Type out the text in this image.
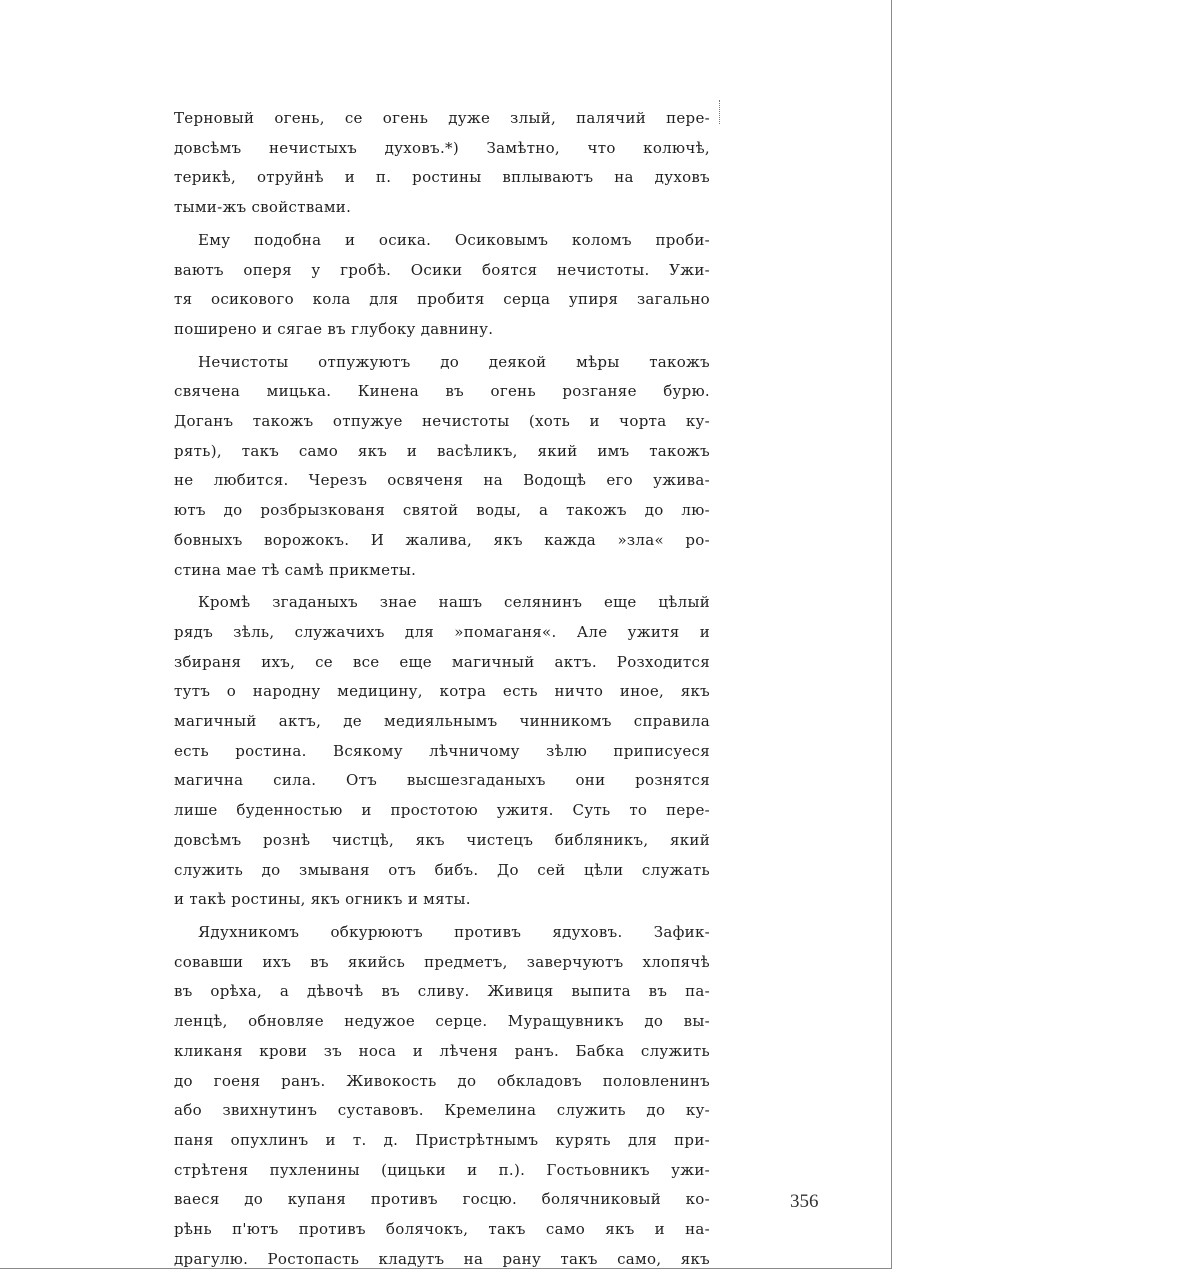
Терновый огень, се огень дуже злый, палячий пере-
довсѣмъ нечистыхъ духовъ.*) Замѣтно, что колючѣ,
терикѣ, отруйнѣ и п. ростины вплываютъ на духовъ
тыми-жъ свойствами.

Ему подобна и осика. Осиковымъ коломъ проби-
ваютъ оперя у гробѣ. Осики боятся нечистоты. Ужи-
тя осикового кола для пробитя серца упиря загально
поширено и сягае въ глубоку давнину.

Нечистоты отпужуютъ до деякой мѣры такожъ
свячена мицька. Кинена въ огень розганяе бурю.
Доганъ такожъ отпужуе нечистоты (хоть и чорта ку-
рять), такъ само якъ и васѣликъ, який имъ такожъ
не любится. Черезъ освяченя на Водощѣ его ужива-
ютъ до розбрызкованя святой воды, а такожъ до лю-
бовныхъ ворожокъ. И жалива, якъ кажда »зла« ро-
стина мае тѣ самѣ прикметы.

Кромѣ згаданыхъ знае нашъ селянинъ еще цѣлый
рядъ зѣль, служачихъ для »помаганя«. Але ужитя и
збираня ихъ, се все еще магичный актъ. Розходится
тутъ о народну медицину, котра есть ничто иное, якъ
магичный актъ, де медияльнымъ чинникомъ справила
есть ростина. Всякому лѣчничому зѣлю приписуеся
магична сила. Отъ высшезгаданыхъ они рознятся
лише буденностью и простотою ужитя. Суть то пере-
довсѣмъ рознѣ чистцѣ, якъ чистецъ библяникъ, який
служить до змываня отъ бибъ. До сей цѣли служать
и такѣ ростины, якъ огникъ и мяты.

Ядухникомъ обкурюютъ противъ ядуховъ. Зафик-
совавши ихъ въ якийсь предметъ, заверчуютъ хлопячѣ
въ орѣха, а дѣвочѣ въ сливу. Живиця выпита въ па-
ленцѣ, обновляе недужое серце. Муращувникъ до вы-
кликаня крови зъ носа и лѣченя ранъ. Бабка служить
до гоеня ранъ. Живокость до обкладовъ половленинъ
або звихнутинъ суставовъ. Кремелина служить до ку-
паня опухлинъ и т. д. Пристрѣтнымъ курять для при-
стрѣтеня пухленины (цицьки и п.). Гостьовникъ ужи-
ваеся до купаня противъ госцю. болячниковый ко-
рѣнь п'ютъ противъ болячокъ, такъ само якъ и на-
драгулю. Ростопасть кладутъ на рану такъ само, якъ

356
